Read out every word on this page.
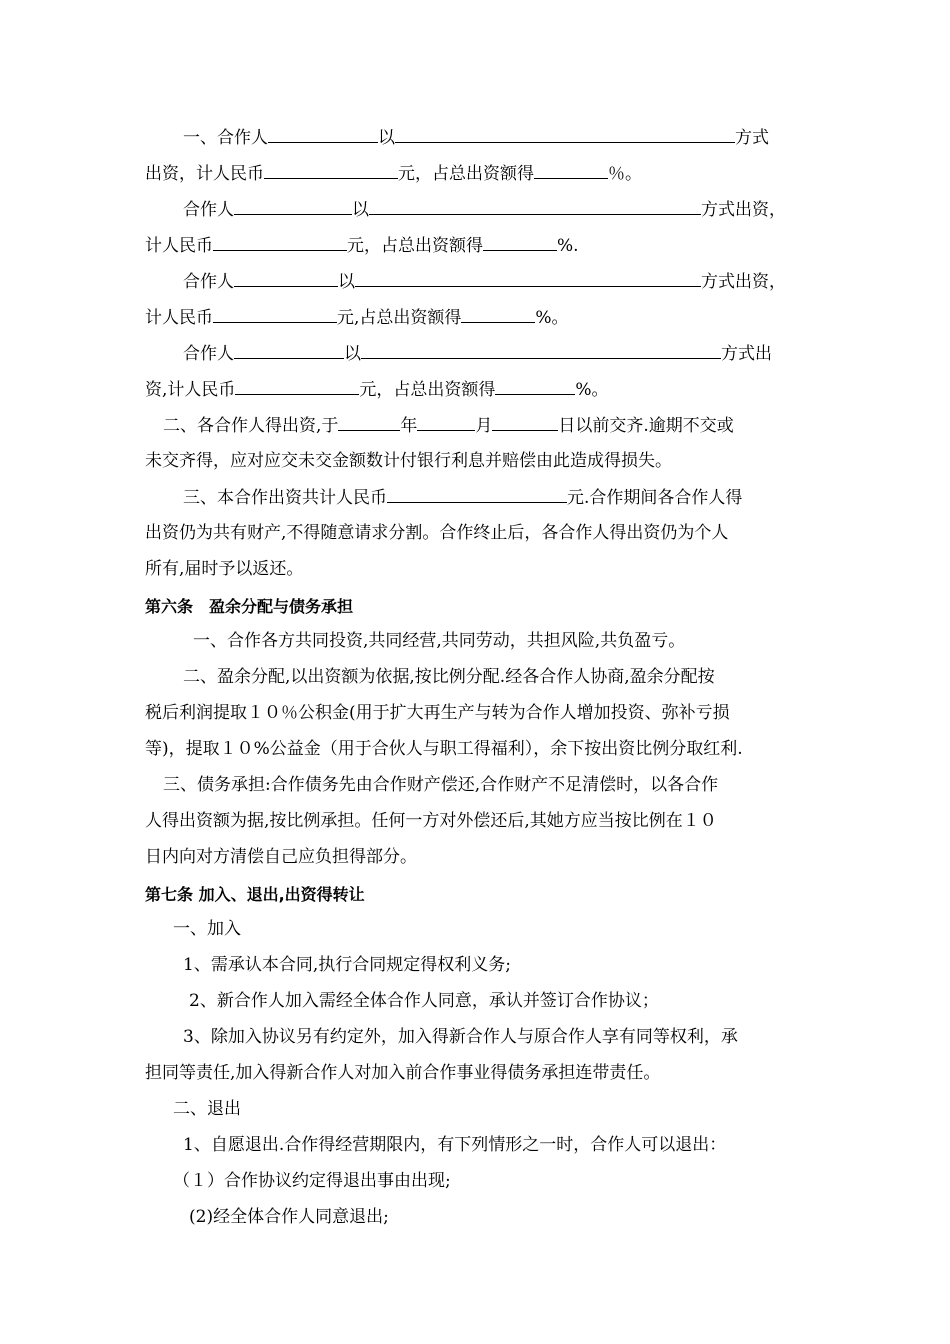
一、合作人	以	方式
出资，计人民币	元，占总出资额得	％。
合作人	以	方式出资，
计人民币	元，占总出资额得	%.
合作人	以	方式出资，
计人民币	元,占总出资额得	%。
合作人	以	方式出
资,计人民币	元，占总出资额得	%。
二、各合作人得出资,于	年	月	日以前交齐.逾期不交或
未交齐得，应对应交未交金额数计付银行利息并赔偿由此造成得损失。
三、本合作出资共计人民币	元.合作期间各合作人得
出资仍为共有财产,不得随意请求分割。合作终止后，各合作人得出资仍为个人
所有,届时予以返还。
第六条　盈余分配与债务承担
一、合作各方共同投资,共同经营,共同劳动，共担风险,共负盈亏。
二、盈余分配,以出资额为依据,按比例分配.经各合作人协商,盈余分配按
税后利润提取１０％公积金(用于扩大再生产与转为合作人增加投资、弥补亏损
等)，提取１０%公益金（用于合伙人与职工得福利），余下按出资比例分取红利.
三、债务承担:合作债务先由合作财产偿还,合作财产不足清偿时，以各合作
人得出资额为据,按比例承担。任何一方对外偿还后,其她方应当按比例在１０
日内向对方清偿自己应负担得部分。
第七条 加入、退出,出资得转让
一、加入
1、需承认本合同,执行合同规定得权利义务;
2、新合作人加入需经全体合作人同意，承认并签订合作协议；
3、除加入协议另有约定外，加入得新合作人与原合作人享有同等权利，承
担同等责任,加入得新合作人对加入前合作事业得债务承担连带责任。
二、退出
1、自愿退出.合作得经营期限内，有下列情形之一时，合作人可以退出：
（１）合作协议约定得退出事由出现;
(2)经全体合作人同意退出;
